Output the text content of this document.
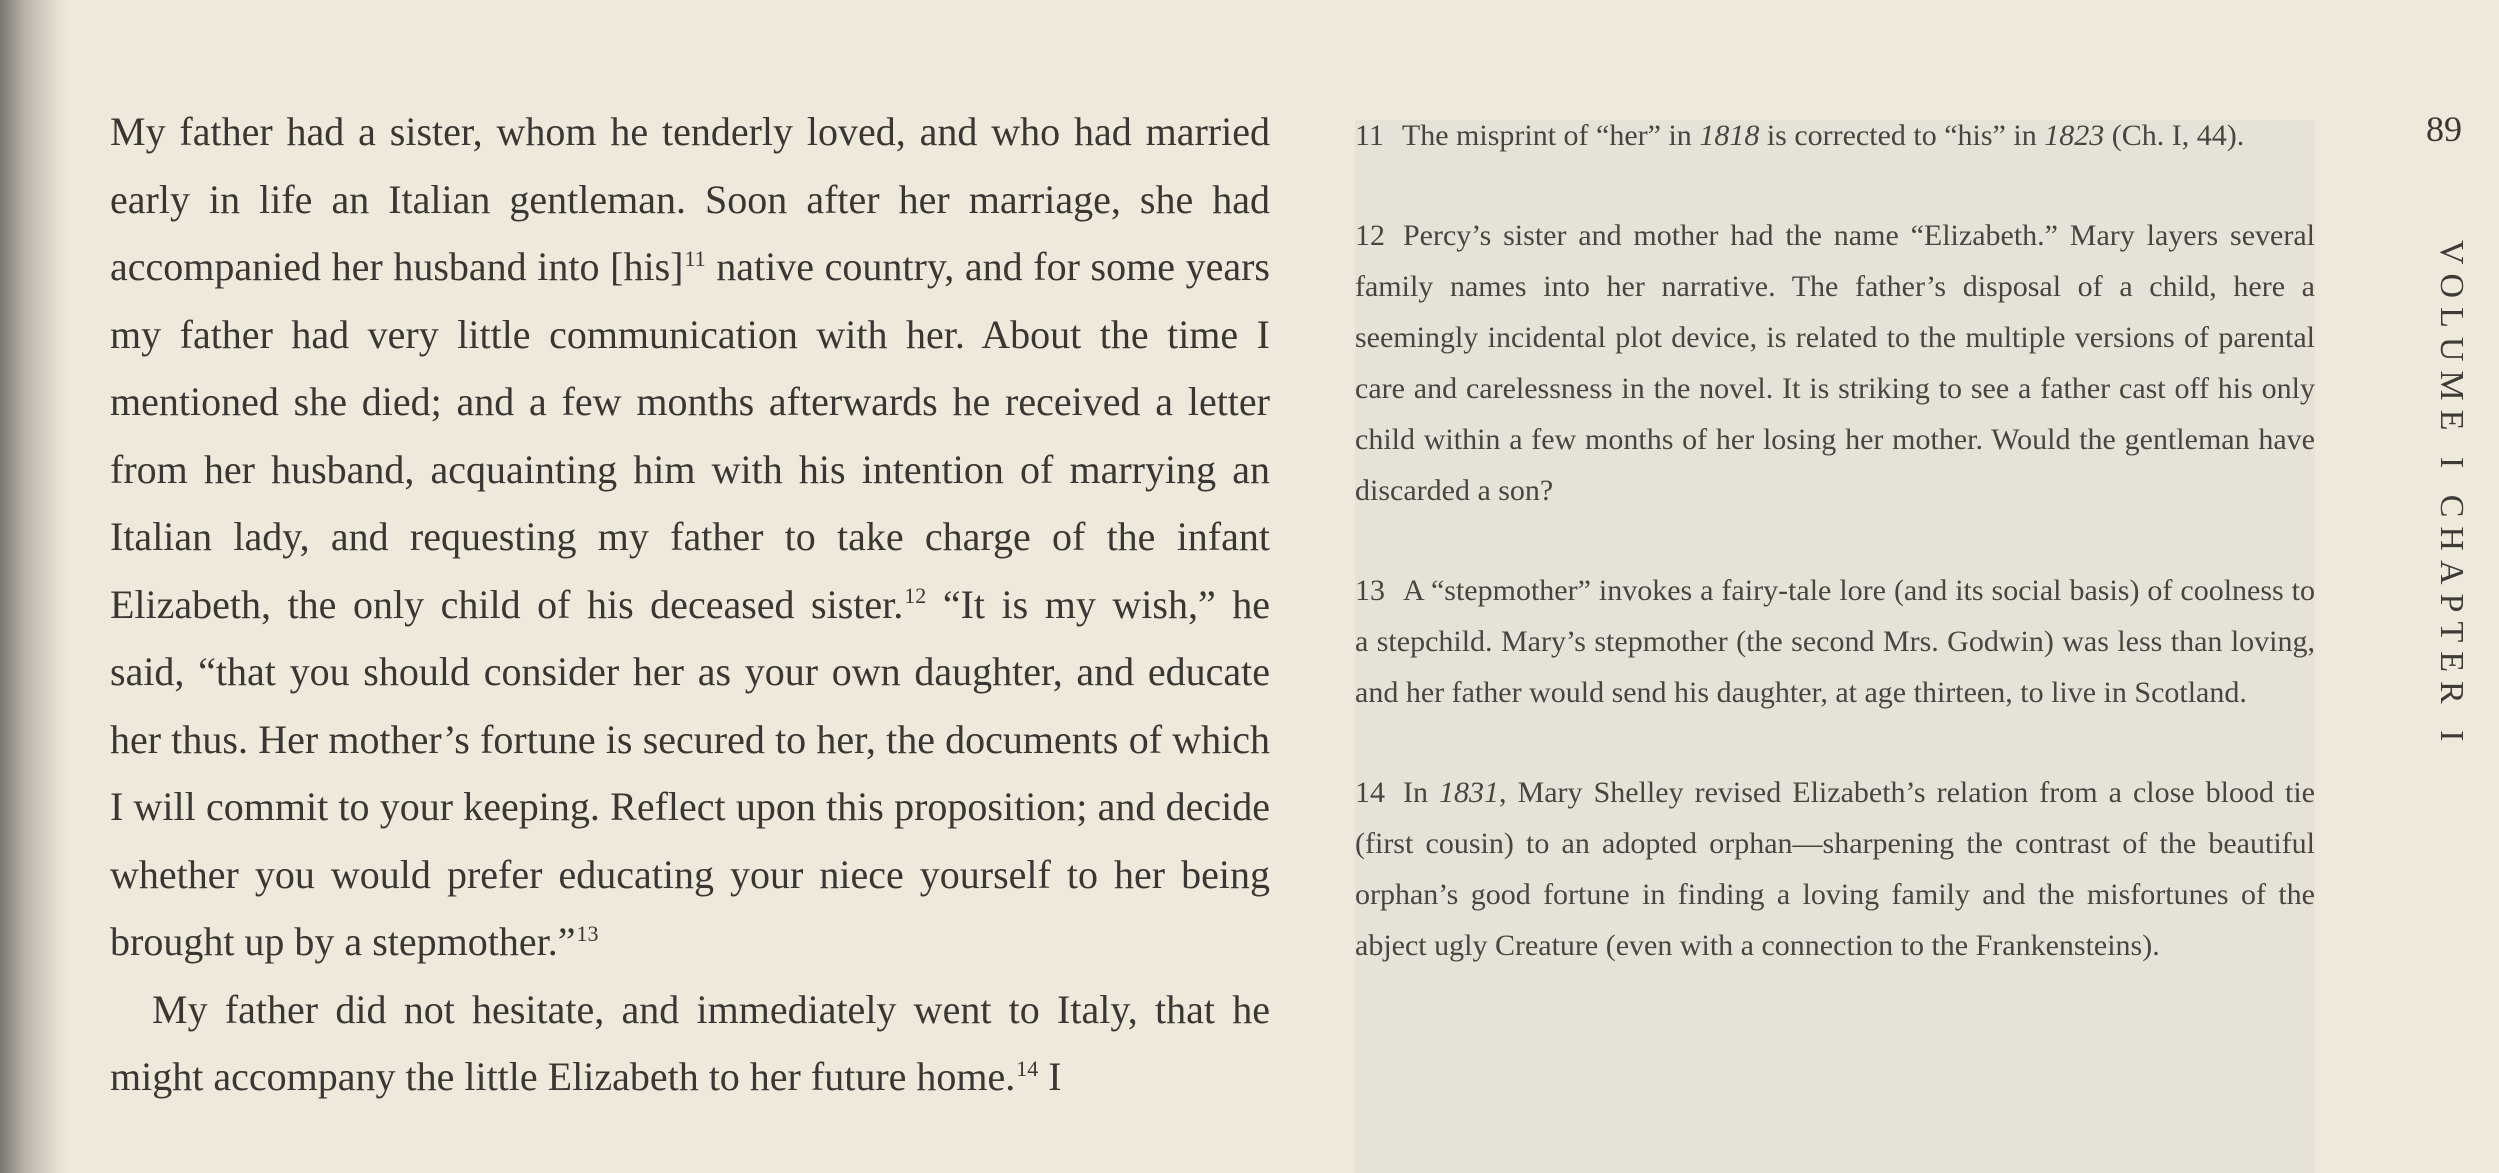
My father had a sister, whom he tenderly loved, and who had married early in life an Italian gentleman. Soon after her marriage, she had accompanied her husband into [his]$^{11}$ native country, and for some years my father had very little communication with her. About the time I mentioned she died; and a few months afterwards he received a letter from her husband, acquainting him with his intention of marrying an Italian lady, and requesting my father to take charge of the infant Elizabeth, the only child of his deceased sister.$^{12}$ “It is my wish,” he said, “that you should consider her as your own daughter, and educate her thus. Her mother’s fortune is secured to her, the documents of which I will commit to your keeping. Reflect upon this proposition; and decide whether you would prefer educating your niece yourself to her being brought up by a stepmother.”$^{13}$

My father did not hesitate, and immediately went to Italy, that he might accompany the little Elizabeth to her future home.$^{14}$ I

11 The misprint of “her” in 1818 is corrected to “his” in 1823 (Ch. I, 44).

12 Percy’s sister and mother had the name “Elizabeth.” Mary layers several family names into her narrative. The father’s disposal of a child, here a seemingly incidental plot device, is related to the multiple versions of parental care and carelessness in the novel. It is striking to see a father cast off his only child within a few months of her losing her mother. Would the gentleman have discarded a son?

13 A “stepmother” invokes a fairy-tale lore (and its social basis) of coolness to a stepchild. Mary’s stepmother (the second Mrs. Godwin) was less than loving, and her father would send his daughter, at age thirteen, to live in Scotland.

14 In 1831, Mary Shelley revised Elizabeth’s relation from a close blood tie (first cousin) to an adopted orphan—sharpening the contrast of the beautiful orphan’s good fortune in finding a loving family and the misfortunes of the abject ugly Creature (even with a connection to the Frankensteins).

89
VOLUME I CHAPTER I
